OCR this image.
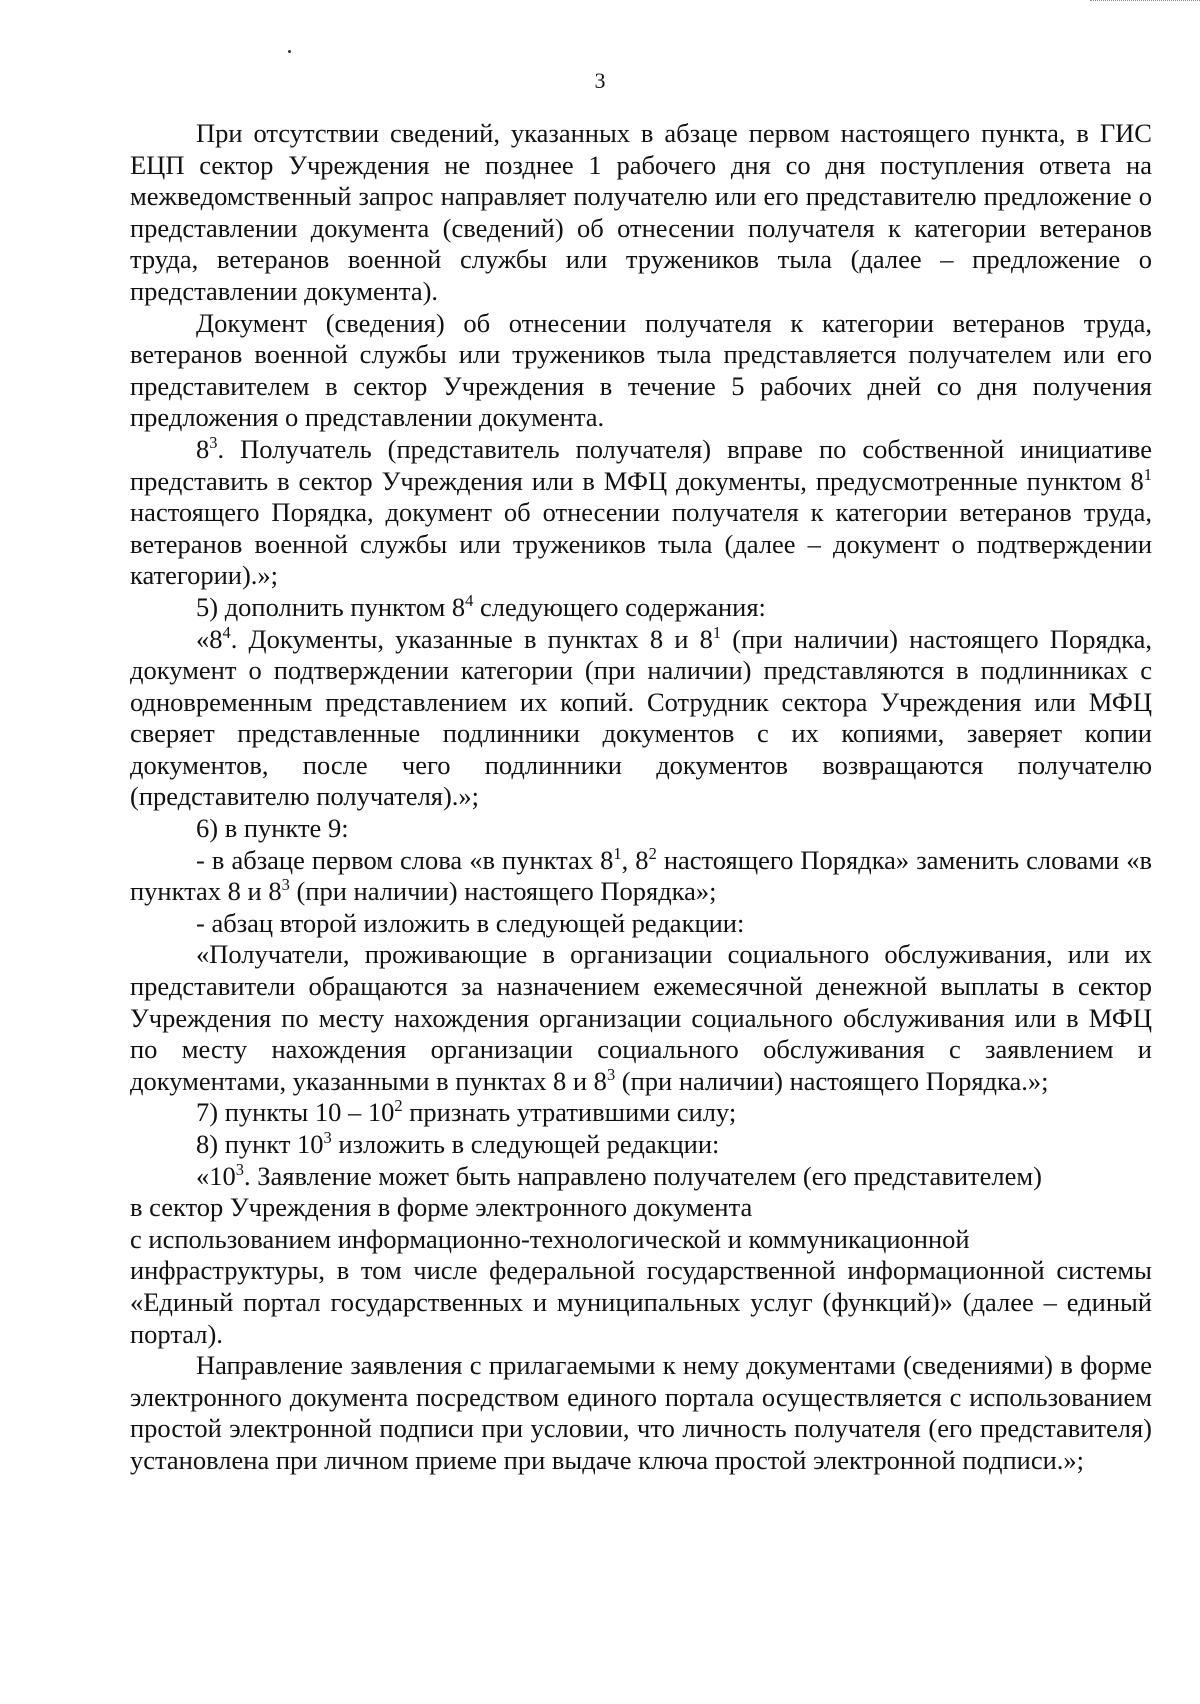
3

При отсутствии сведений, указанных в абзаце первом настоящего пункта, в ГИС ЕЦП сектор Учреждения не позднее 1 рабочего дня со дня поступления ответа на межведомственный запрос направляет получателю или его представителю предложение о представлении документа (сведений) об отнесении получателя к категории ветеранов труда, ветеранов военной службы или тружеников тыла (далее – предложение о представлении документа).

Документ (сведения) об отнесении получателя к категории ветеранов труда, ветеранов военной службы или тружеников тыла представляется получателем или его представителем в сектор Учреждения в течение 5 рабочих дней со дня получения предложения о представлении документа.

$8^3$. Получатель (представитель получателя) вправе по собственной инициативе представить в сектор Учреждения или в МФЦ документы, предусмотренные пунктом $8^1$ настоящего Порядка, документ об отнесении получателя к категории ветеранов труда, ветеранов военной службы или тружеников тыла (далее – документ о подтверждении категории).»;

5) дополнить пунктом $8^4$ следующего содержания:

«$8^4$. Документы, указанные в пунктах 8 и $8^1$ (при наличии) настоящего Порядка, документ о подтверждении категории (при наличии) представляются в подлинниках с одновременным представлением их копий. Сотрудник сектора Учреждения или МФЦ сверяет представленные подлинники документов с их копиями, заверяет копии документов, после чего подлинники документов возвращаются получателю (представителю получателя).»;

6) в пункте 9:

- в абзаце первом слова «в пунктах $8^1$, $8^2$ настоящего Порядка» заменить словами «в пунктах 8 и $8^3$ (при наличии) настоящего Порядка»;

- абзац второй изложить в следующей редакции:

«Получатели, проживающие в организации социального обслуживания, или их представители обращаются за назначением ежемесячной денежной выплаты в сектор Учреждения по месту нахождения организации социального обслуживания или в МФЦ по месту нахождения организации социального обслуживания с заявлением и документами, указанными в пунктах 8 и $8^3$ (при наличии) настоящего Порядка.»;

7) пункты $10 - 10^2$ признать утратившими силу;

8) пункт $10^3$ изложить в следующей редакции:

«$10^3$. Заявление может быть направлено получателем (его представителем)

в сектор Учреждения в форме электронного документа

с использованием информационно-технологической и коммуникационной

инфраструктуры, в том числе федеральной государственной информационной системы «Единый портал государственных и муниципальных услуг (функций)» (далее – единый портал).

Направление заявления с прилагаемыми к нему документами (сведениями) в форме электронного документа посредством единого портала осуществляется с использованием простой электронной подписи при условии, что личность получателя (его представителя) установлена при личном приеме при выдаче ключа простой электронной подписи.»;
